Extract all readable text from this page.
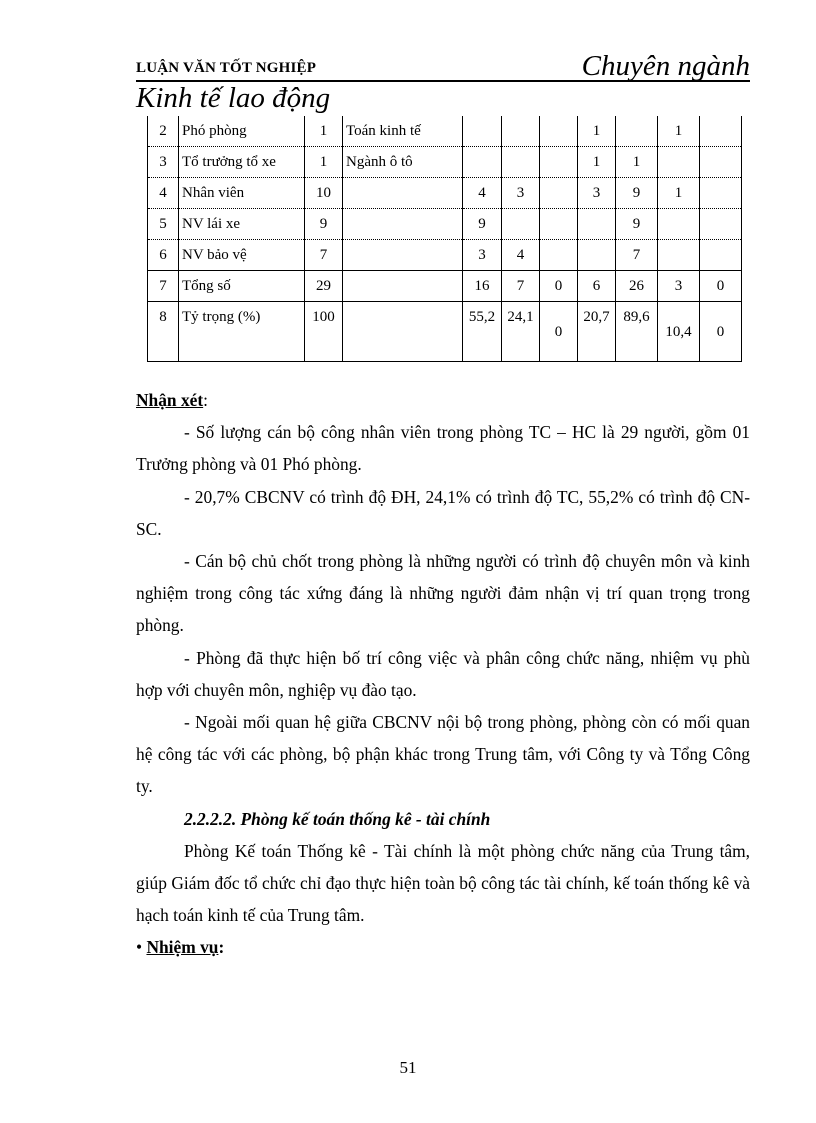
LUẬN VĂN TỐT NGHIỆP	Chuyên ngành
Kinh tế lao động
2	Phó phòng	1	Toán kinh tế				1		1	
3	Tổ trưởng tổ xe	1	Ngành ô tô				1	1		
4	Nhân viên	10		4	3		3	9	1	
5	NV lái xe	9		9				9		
6	NV bảo vệ	7		3	4			7		
7	Tổng số	29		16	7	0	6	26	3	0
8	Tỷ trọng (%)	100		55,2	24,1	0	20,7	89,6	10,4	0

Nhận xét:

- Số lượng cán bộ công nhân viên trong phòng TC – HC là 29 người, gồm 01 Trưởng phòng và 01 Phó phòng.

- 20,7% CBCNV có trình độ ĐH, 24,1% có trình độ TC, 55,2% có trình độ CN-SC.

- Cán bộ chủ chốt trong phòng là những người có trình độ chuyên môn và kinh nghiệm trong công tác xứng đáng là những người đảm nhận vị trí quan trọng trong phòng.

- Phòng đã thực hiện bố trí công việc và phân công chức năng, nhiệm vụ phù hợp với chuyên môn, nghiệp vụ đào tạo.

- Ngoài mối quan hệ giữa CBCNV nội bộ trong phòng, phòng còn có mối quan hệ công tác với các phòng, bộ phận khác trong Trung tâm, với Công ty và Tổng Công ty.

2.2.2.2. Phòng kế toán thống kê - tài chính

Phòng Kế toán Thống kê - Tài chính là một phòng chức năng của Trung tâm, giúp Giám đốc tổ chức chỉ đạo thực hiện toàn bộ công tác tài chính, kế toán thống kê và hạch toán kinh tế của Trung tâm.

• Nhiệm vụ:

51
